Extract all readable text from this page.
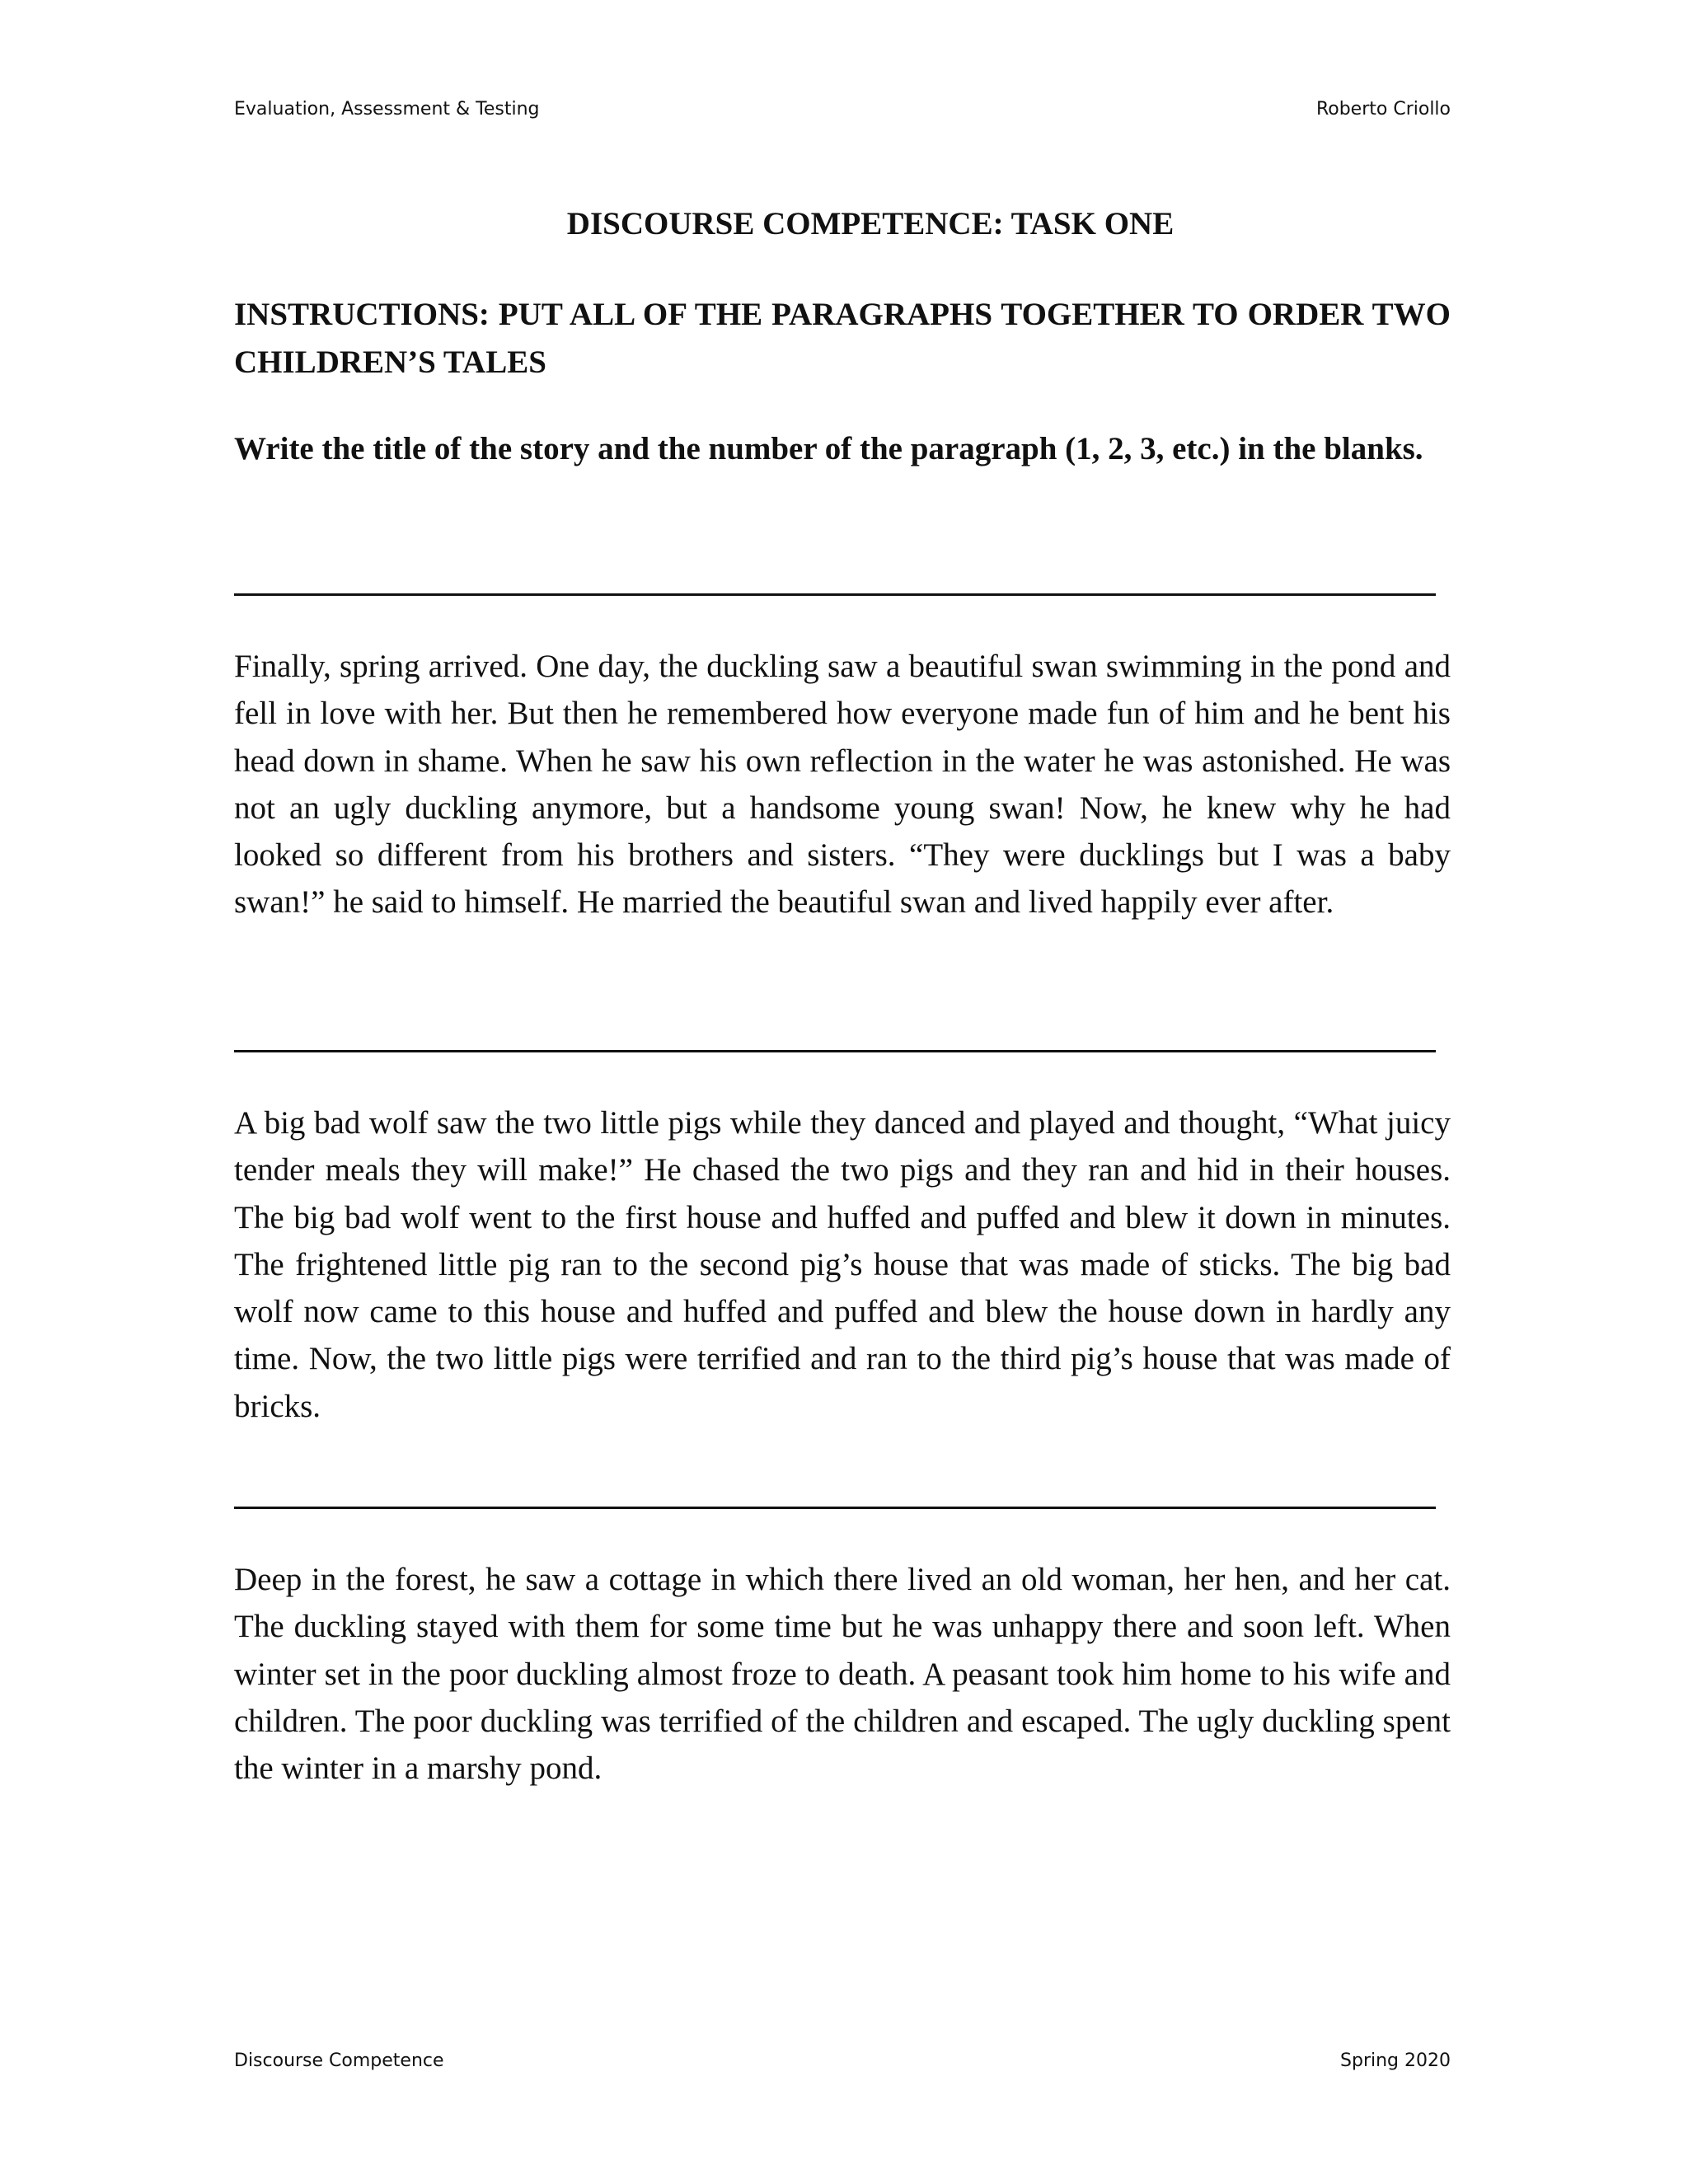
Evaluation, Assessment & Testing	Roberto Criollo
DISCOURSE COMPETENCE: TASK ONE

INSTRUCTIONS: PUT ALL OF THE PARAGRAPHS TOGETHER TO ORDER TWO CHILDREN’S TALES

Write the title of the story and the number of the paragraph (1, 2, 3, etc.) in the blanks.

Finally, spring arrived. One day, the duckling saw a beautiful swan swimming in the pond and fell in love with her. But then he remembered how everyone made fun of him and he bent his head down in shame. When he saw his own reflection in the water he was astonished. He was not an ugly duckling anymore, but a handsome young swan! Now, he knew why he had looked so different from his brothers and sisters. “They were ducklings but I was a baby swan!” he said to himself. He married the beautiful swan and lived happily ever after.

A big bad wolf saw the two little pigs while they danced and played and thought, “What juicy tender meals they will make!” He chased the two pigs and they ran and hid in their houses. The big bad wolf went to the first house and huffed and puffed and blew it down in minutes. The frightened little pig ran to the second pig’s house that was made of sticks. The big bad wolf now came to this house and huffed and puffed and blew the house down in hardly any time. Now, the two little pigs were terrified and ran to the third pig’s house that was made of bricks.

Deep in the forest, he saw a cottage in which there lived an old woman, her hen, and her cat. The duckling stayed with them for some time but he was unhappy there and soon left. When winter set in the poor duckling almost froze to death. A peasant took him home to his wife and children. The poor duckling was terrified of the children and escaped. The ugly duckling spent the winter in a marshy pond.

Discourse Competence	Spring 2020
